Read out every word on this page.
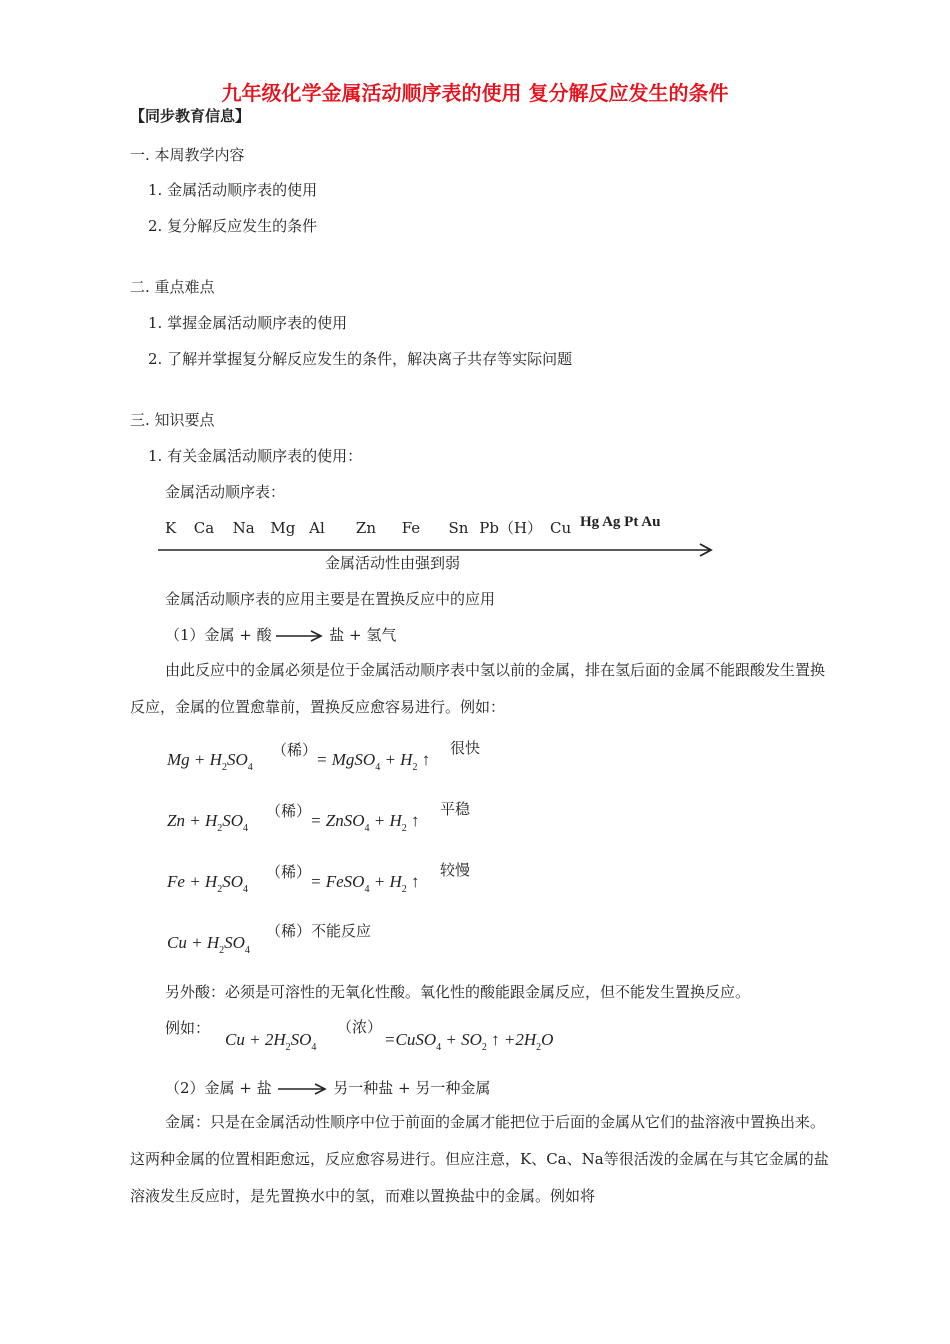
九年级化学金属活动顺序表的使用 复分解反应发生的条件
【同步教育信息】
一. 本周教学内容
1. 金属活动顺序表的使用
2. 复分解反应发生的条件
二. 重点难点
1. 掌握金属活动顺序表的使用
2. 了解并掌握复分解反应发生的条件，解决离子共存等实际问题
三. 知识要点
1. 有关金属活动顺序表的使用：
金属活动顺序表：
K Ca Na Mg Al Zn Fe Sn Pb（H） Cu Hg Ag Pt Au
金属活动性由强到弱
金属活动顺序表的应用主要是在置换反应中的应用
（1）金属 + 酸 → 盐 + 氢气
由此反应中的金属必须是位于金属活动顺序表中氢以前的金属，排在氢后面的金属不能跟酸发生置换反应，金属的位置愈靠前，置换反应愈容易进行。例如：
$Mg + H_2SO_4$
（稀）
= MgSO$_4$ + $H_2$ ↑
很快
$Zn + H_2SO_4$
（稀）
= ZnSO$_4$ + $H_2$ ↑
平稳
$Fe + H_2SO_4$
（稀）
= FeSO$_4$ + $H_2$ ↑
较慢
$Cu + H_2SO_4$
（稀）不能反应
另外酸：必须是可溶性的无氧化性酸。氧化性的酸能跟金属反应，但不能发生置换反应。
例如：
$Cu + 2H_2SO_4$
（浓）
=CuSO$_4$ + $SO_2$ ↑ $+2H_2O$
（2）金属 + 盐 → 另一种盐 + 另一种金属
金属：只是在金属活动性顺序中位于前面的金属才能把位于后面的金属从它们的盐溶液中置换出来。这两种金属的位置相距愈远，反应愈容易进行。但应注意，K、Ca、Na等很活泼的金属在与其它金属的盐溶液发生反应时，是先置换水中的氢，而难以置换盐中的金属。例如将
